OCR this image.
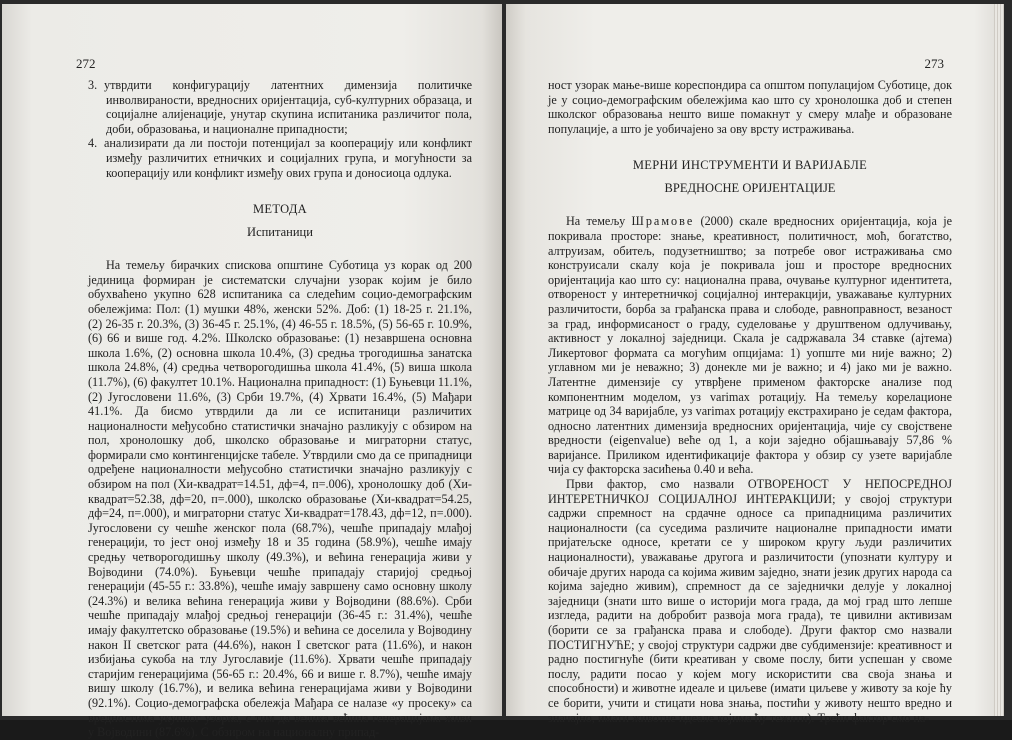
272
3. утврдити конфигурацију латентних димензија политичке инволвираности, вредносних оријентација, суб-културних образаца, и социјалне алијенације, унутар скупина испитаника различитог пола, доби, образовања, и националне припадности;
4. анализирати да ли постоји потенцијал за кооперацију или конфликт између различитих етничких и социјалних група, и могућности за кооперацију или конфликт између ових група и доносиоца одлука.
МЕТОДА
Испитаници

На темељу бирачких спискова општине Суботица уз корак од 200 јединица формиран је систематски случајни узорак којим је било обухваћено укупно 628 испитаника са следећим социо-демографским обележјима: Пол: (1) мушки 48%, женски 52%. Доб: (1) 18-25 г. 21.1%, (2) 26-35 г. 20.3%, (3) 36-45 г. 25.1%, (4) 46-55 г. 18.5%, (5) 56-65 г. 10.9%, (6) 66 и више год. 4.2%. Школско образовање: (1) незавршена основна школа 1.6%, (2) основна школа 10.4%, (3) средња трогодишња занатска школа 24.8%, (4) средња четворогодишња школа 41.4%, (5) виша школа (11.7%), (6) факултет 10.1%. Национална припадност: (1) Буњевци 11.1%, (2) Југословени 11.6%, (3) Срби 19.7%, (4) Хрвати 16.4%, (5) Мађари 41.1%. Да бисмо утврдили да ли се испитаници различитих националности међусобно статистички значајно разликују с обзиром на пол, хронолошку доб, школско образовање и миграторни статус, формирали смо контингенцијске табеле. Утврдили смо да се припадници одређене националности међусобно статистички значајно разликују с обзиром на пол (Хи-квадрат=14.51, дф=4, п=.006), хронолошку доб (Хи-квадрат=52.38, дф=20, п=.000), школско образовање (Хи-квадрат=54.25, дф=24, п=.000), и миграторни статус Хи-квадрат=178.43, дф=12, п=.000). Југословени су чешће женског пола (68.7%), чешће припадају млађој генерацији, то јест оној између 18 и 35 година (58.9%), чешће имају средњу четворогодишњу школу (49.3%), и већина генерација живи у Војводини (74.0%). Буњевци чешће припадају старијој средњој генерацији (45-55 г.: 33.8%), чешће имају завршену само основну школу (24.3%) и велика већина генерација живи у Војводини (88.6%). Срби чешће припадају млађој средњој генерацији (36-45 г.: 31.4%), чешће имају факултетско образовање (19.5%) и већина се доселила у Војводину након II светског рата (44.6%), након I светског рата (11.6%), и након избијања сукоба на тлу Југославије (11.6%). Хрвати чешће припадају старијим генерацијима (56-65 г.: 20.4%, 66 и више г. 8.7%), чешће имају вишу школу (16.7%), и велика већина генерацијама живи у Војводини (92.1%). Социо-демографска обележја Мађара се налазе «у просеку» са вредностима укупног узорка, с тим да велика већина генерацијама живи у Војводини (87.6%). С обзиром на националну припад-

273

ност узорак мање-више кореспондира са општом популацијом Суботице, док је у социо-демографским обележјима као што су хронолошка доб и степен школског образовања нешто више помакнут у смеру млађе и образоване популације, а што је уобичајено за ову врсту истраживања.

МЕРНИ ИНСТРУМЕНТИ И ВАРИЈАБЛЕ
ВРЕДНОСНЕ ОРИЈЕНТАЦИЈЕ

На темељу Шрамове (2000) скале вредносних оријентација, која је покривала просторе: знање, креативност, политичност, моћ, богатство, алтруизам, обитељ, подузетништво; за потребе овог истраживања смо конструисали скалу која је покривала још и просторе вредносних оријентација као што су: национална права, очување културног идентитета, отвореност у интеретничкој социјалној интеракцији, уважавање културних различитости, борба за грађанска права и слободе, равноправност, везаност за град, информисаност о граду, суделовање у друштвеном одлучивању, активност у локалној заједници. Скала је садржавала 34 ставке (ајтема) Ликертовог формата са могућим опцијама: 1) уопште ми није важно; 2) углавном ми је неважно; 3) донекле ми је важно; и 4) јако ми је важно. Латентне димензије су утврђене применом факторске анализе под компонентним моделом, уз varimax ротацију. На темељу корелационе матрице од 34 варијабле, уз varimax ротацију екстрахирано је седам фактора, односно латентних димензија вредносних оријентација, чије су својствене вредности (eigenvalue) веће од 1, а који заједно објашњавају 57,86 % варијансе. Приликом идентификације фактора у обзир су узете варијабле чија су факторска засићења 0.40 и већа.

Први фактор, смо назвали ОТВОРЕНОСТ У НЕПОСРЕДНОЈ ИНТЕРЕТНИЧКОЈ СОЦИЈАЛНОЈ ИНТЕРАКЦИЈИ; у својој структури садржи спремност на срдачне односе са припадницима различитих националности (са суседима различите националне припадности имати пријатељске односе, кретати се у широком кругу људи различитих националности), уважавање другога и различитости (упознати културу и обичаје других народа са којима живим заједно, знати језик других народа са којима заједно живим), спремност да се заједнички делује у локалној заједници (знати што више о историји мога града, да мој град што лепше изгледа, радити на добробит развоја мога града), те цивилни активизам (борити се за грађанска права и слободе). Други фактор смо назвали ПОСТИГНУЋЕ; у својој структури садржи две субдимензије: креативност и радно постигнуће (бити креативан у своме послу, бити успешан у своме послу, радити посао у којем могу искористити сва своја знања и способности) и животне идеале и циљеве (имати циљеве у животу за које ћу се борити, учити и стицати нова знања, постићи у животу нешто вредно и значајно, имати животне идеале којима ћу тежити). Трећи фактор смо на-
